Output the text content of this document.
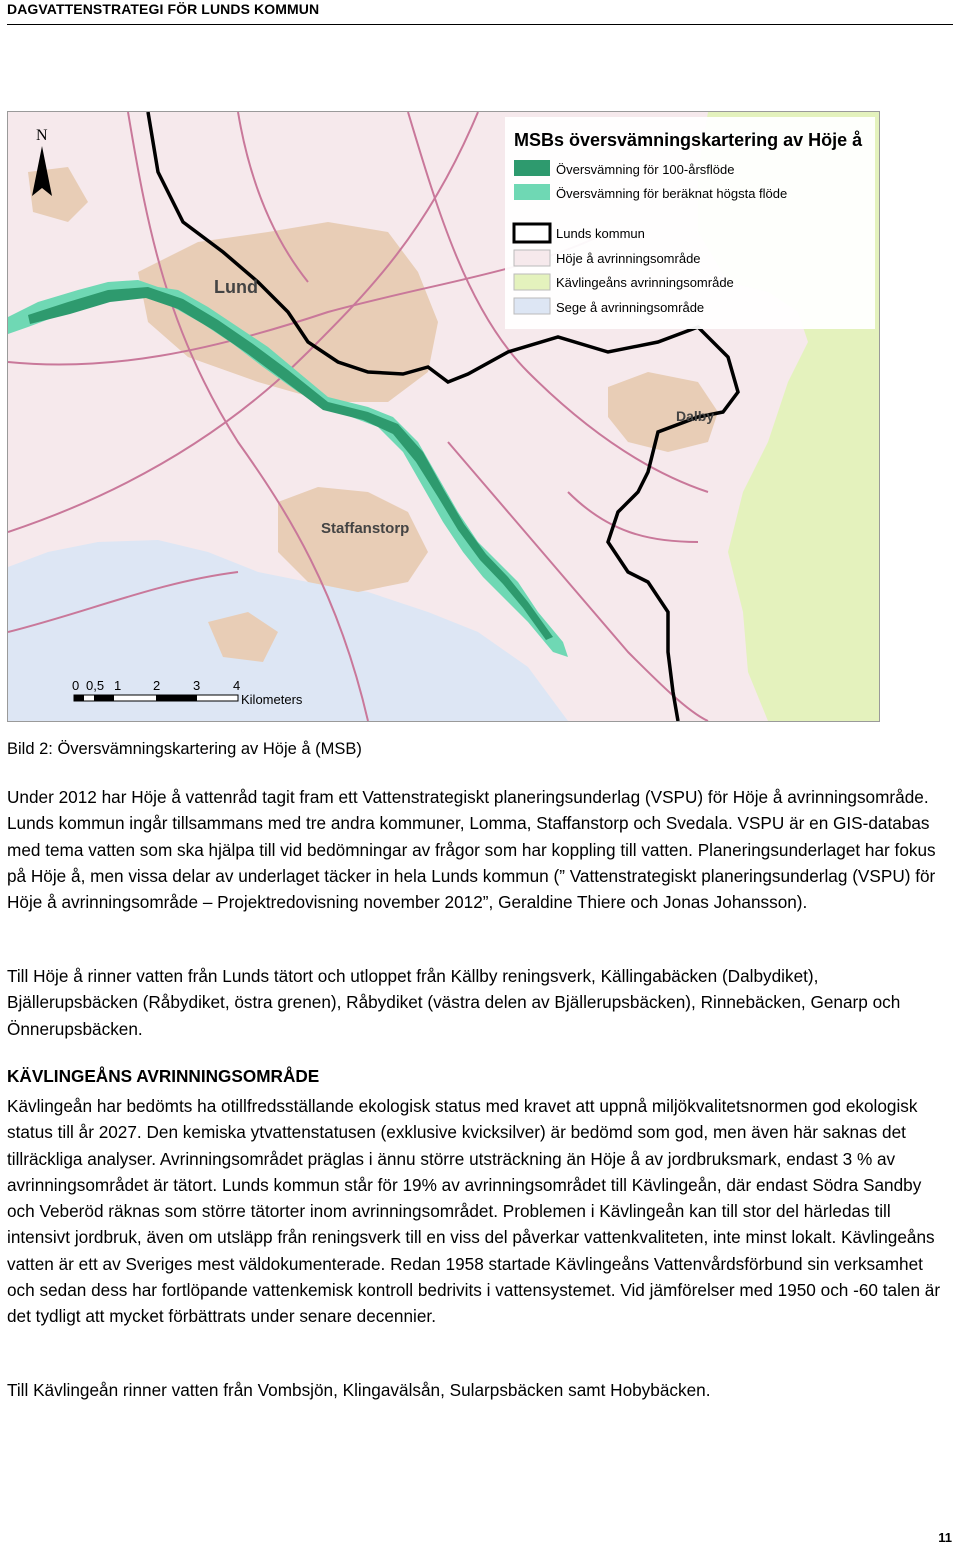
DAGVATTENSTRATEGI FÖR LUNDS KOMMUN
MSBs översvämningskartering av Höje å
Översvämning för 100-årsflöde
Översvämning för beräknat högsta flöde
Lunds kommun
Höje å avrinningsområde
Kävlingeåns avrinningsområde
Sege å avrinningsområde
Lund
Dalby
Staffanstorp
N
0 0,5 1 2	3	4
Kilometers
Bild 2: Översvämningskartering av Höje å (MSB)

Under 2012 har Höje å vattenråd tagit fram ett Vattenstrategiskt planeringsunderlag (VSPU) för Höje å avrinningsområde. Lunds kommun ingår tillsammans med tre andra kommuner, Lomma, Staffanstorp och Svedala. VSPU är en GIS-databas med tema vatten som ska hjälpa till vid bedömningar av frågor som har koppling till vatten. Planeringsunderlaget har fokus på Höje å, men vissa delar av underlaget täcker in hela Lunds kommun (” Vattenstrategiskt planeringsunderlag (VSPU) för Höje å avrinningsområde – Projektredovisning november 2012”, Geraldine Thiere och Jonas Johansson).

Till Höje å rinner vatten från Lunds tätort och utloppet från Källby reningsverk, Källingabäcken (Dalbydiket), Bjällerupsbäcken (Råbydiket, östra grenen), Råbydiket (västra delen av Bjällerupsbäcken), Rinnebäcken, Genarp och Önnerupsbäcken.

KÄVLINGEÅNS AVRINNINGSOMRÅDE

Kävlingeån har bedömts ha otillfredsställande ekologisk status med kravet att uppnå miljökvalitetsnormen god ekologisk status till år 2027. Den kemiska ytvattenstatusen (exklusive kvicksilver) är bedömd som god, men även här saknas det tillräckliga analyser. Avrinningsområdet präglas i ännu större utsträckning än Höje å av jordbruksmark, endast 3 % av avrinningsområdet är tätort. Lunds kommun står för 19% av avrinningsområdet till Kävlingeån, där endast Södra Sandby och Veberöd räknas som större tätorter inom avrinningsområdet. Problemen i Kävlingeån kan till stor del härledas till intensivt jordbruk, även om utsläpp från reningsverk till en viss del påverkar vattenkvaliteten, inte minst lokalt. Kävlingeåns vatten är ett av Sveriges mest väldokumenterade. Redan 1958 startade Kävlingeåns Vattenvårdsförbund sin verksamhet och sedan dess har fortlöpande vattenkemisk kontroll bedrivits i vattensystemet. Vid jämförelser med 1950 och -60 talen är det tydligt att mycket förbättrats under senare decennier.

Till Kävlingeån rinner vatten från Vombsjön, Klingavälsån, Sularpsbäcken samt Hobybäcken.

11
